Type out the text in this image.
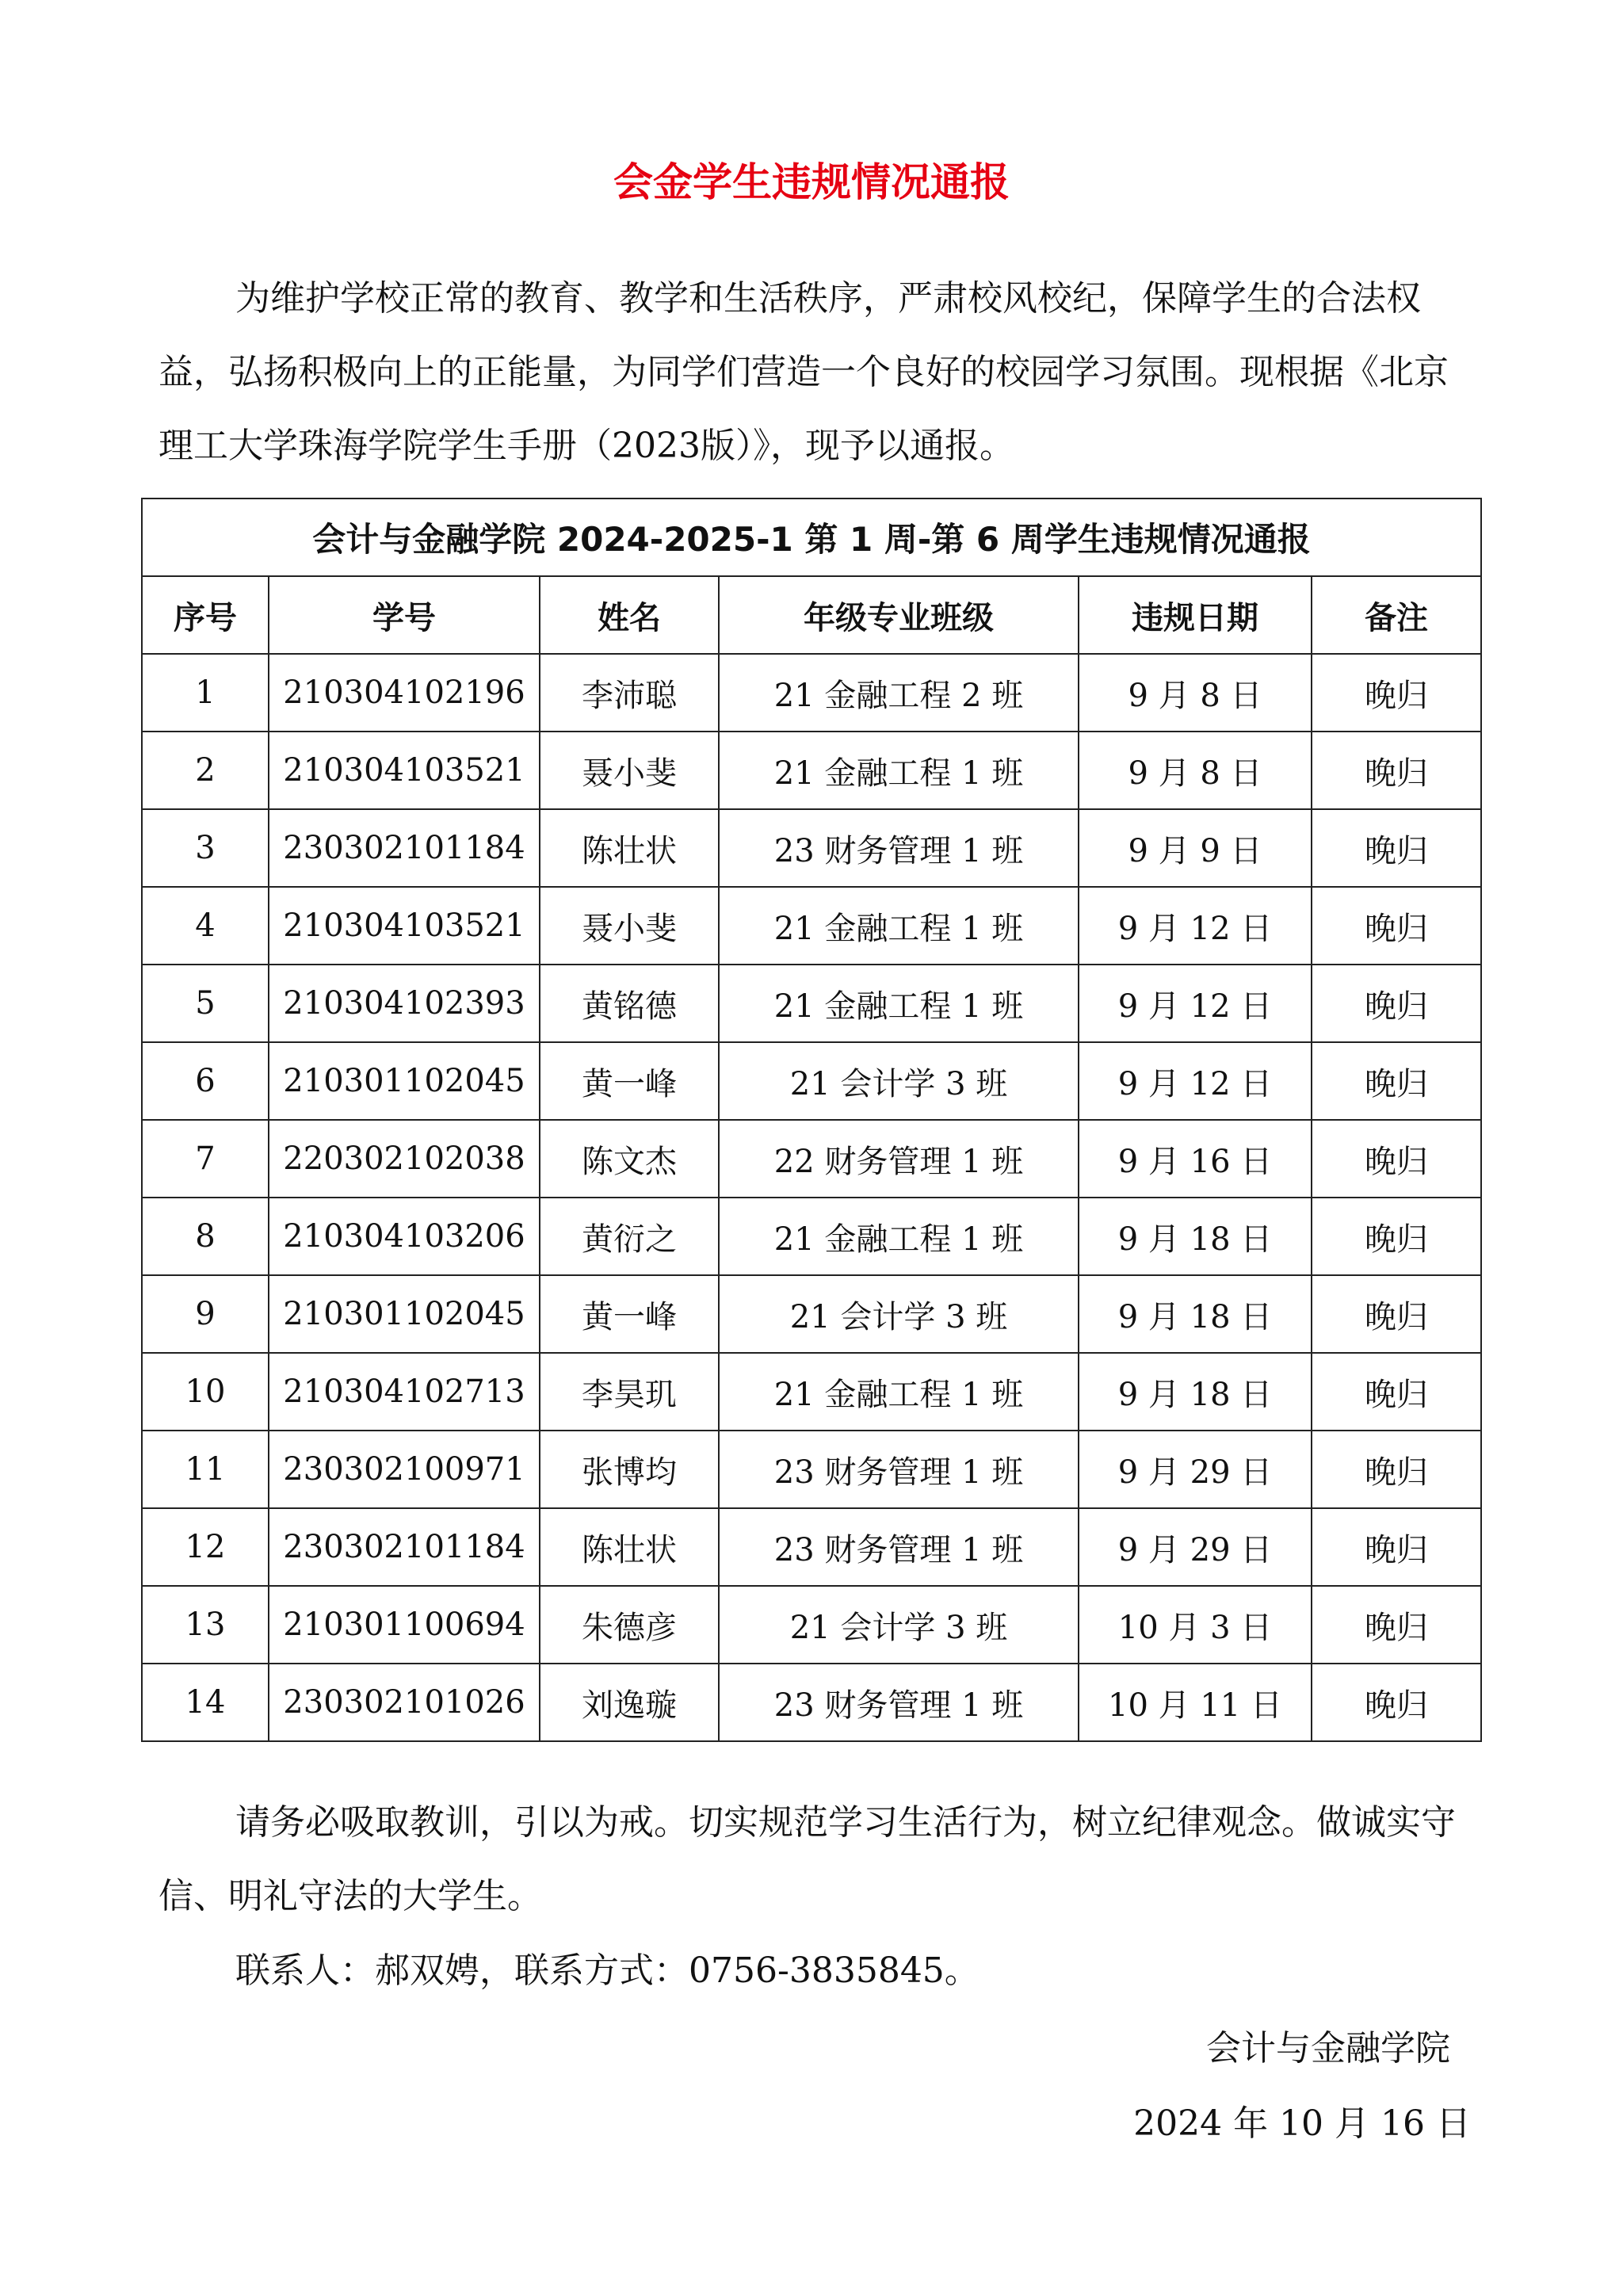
会金学生违规情况通报

为维护学校正常的教育、教学和生活秩序，严肃校风校纪，保障学生的合法权益，弘扬积极向上的正能量，为同学们营造一个良好的校园学习氛围。现根据《北京理工大学珠海学院学生手册（2023版）》，现予以通报。

会计与金融学院 2024-2025-1 第 1 周-第 6 周学生违规情况通报					
序号	学号	姓名	年级专业班级	违规日期	备注
1	210304102196	李沛聪	21 金融工程 2 班	9 月 8 日	晚归
2	210304103521	聂小斐	21 金融工程 1 班	9 月 8 日	晚归
3	230302101184	陈壮状	23 财务管理 1 班	9 月 9 日	晚归
4	210304103521	聂小斐	21 金融工程 1 班	9 月 12 日	晚归
5	210304102393	黄铭德	21 金融工程 1 班	9 月 12 日	晚归
6	210301102045	黄一峰	21 会计学 3 班	9 月 12 日	晚归
7	220302102038	陈文杰	22 财务管理 1 班	9 月 16 日	晚归
8	210304103206	黄衍之	21 金融工程 1 班	9 月 18 日	晚归
9	210301102045	黄一峰	21 会计学 3 班	9 月 18 日	晚归
10	210304102713	李昊玑	21 金融工程 1 班	9 月 18 日	晚归
11	230302100971	张博均	23 财务管理 1 班	9 月 29 日	晚归
12	230302101184	陈壮状	23 财务管理 1 班	9 月 29 日	晚归
13	210301100694	朱德彦	21 会计学 3 班	10 月 3 日	晚归
14	230302101026	刘逸璇	23 财务管理 1 班	10 月 11 日	晚归

请务必吸取教训，引以为戒。切实规范学习生活行为，树立纪律观念。做诚实守信、明礼守法的大学生。

联系人：郝双娉，联系方式：0756-3835845。

会计与金融学院
2024 年 10 月 16 日
